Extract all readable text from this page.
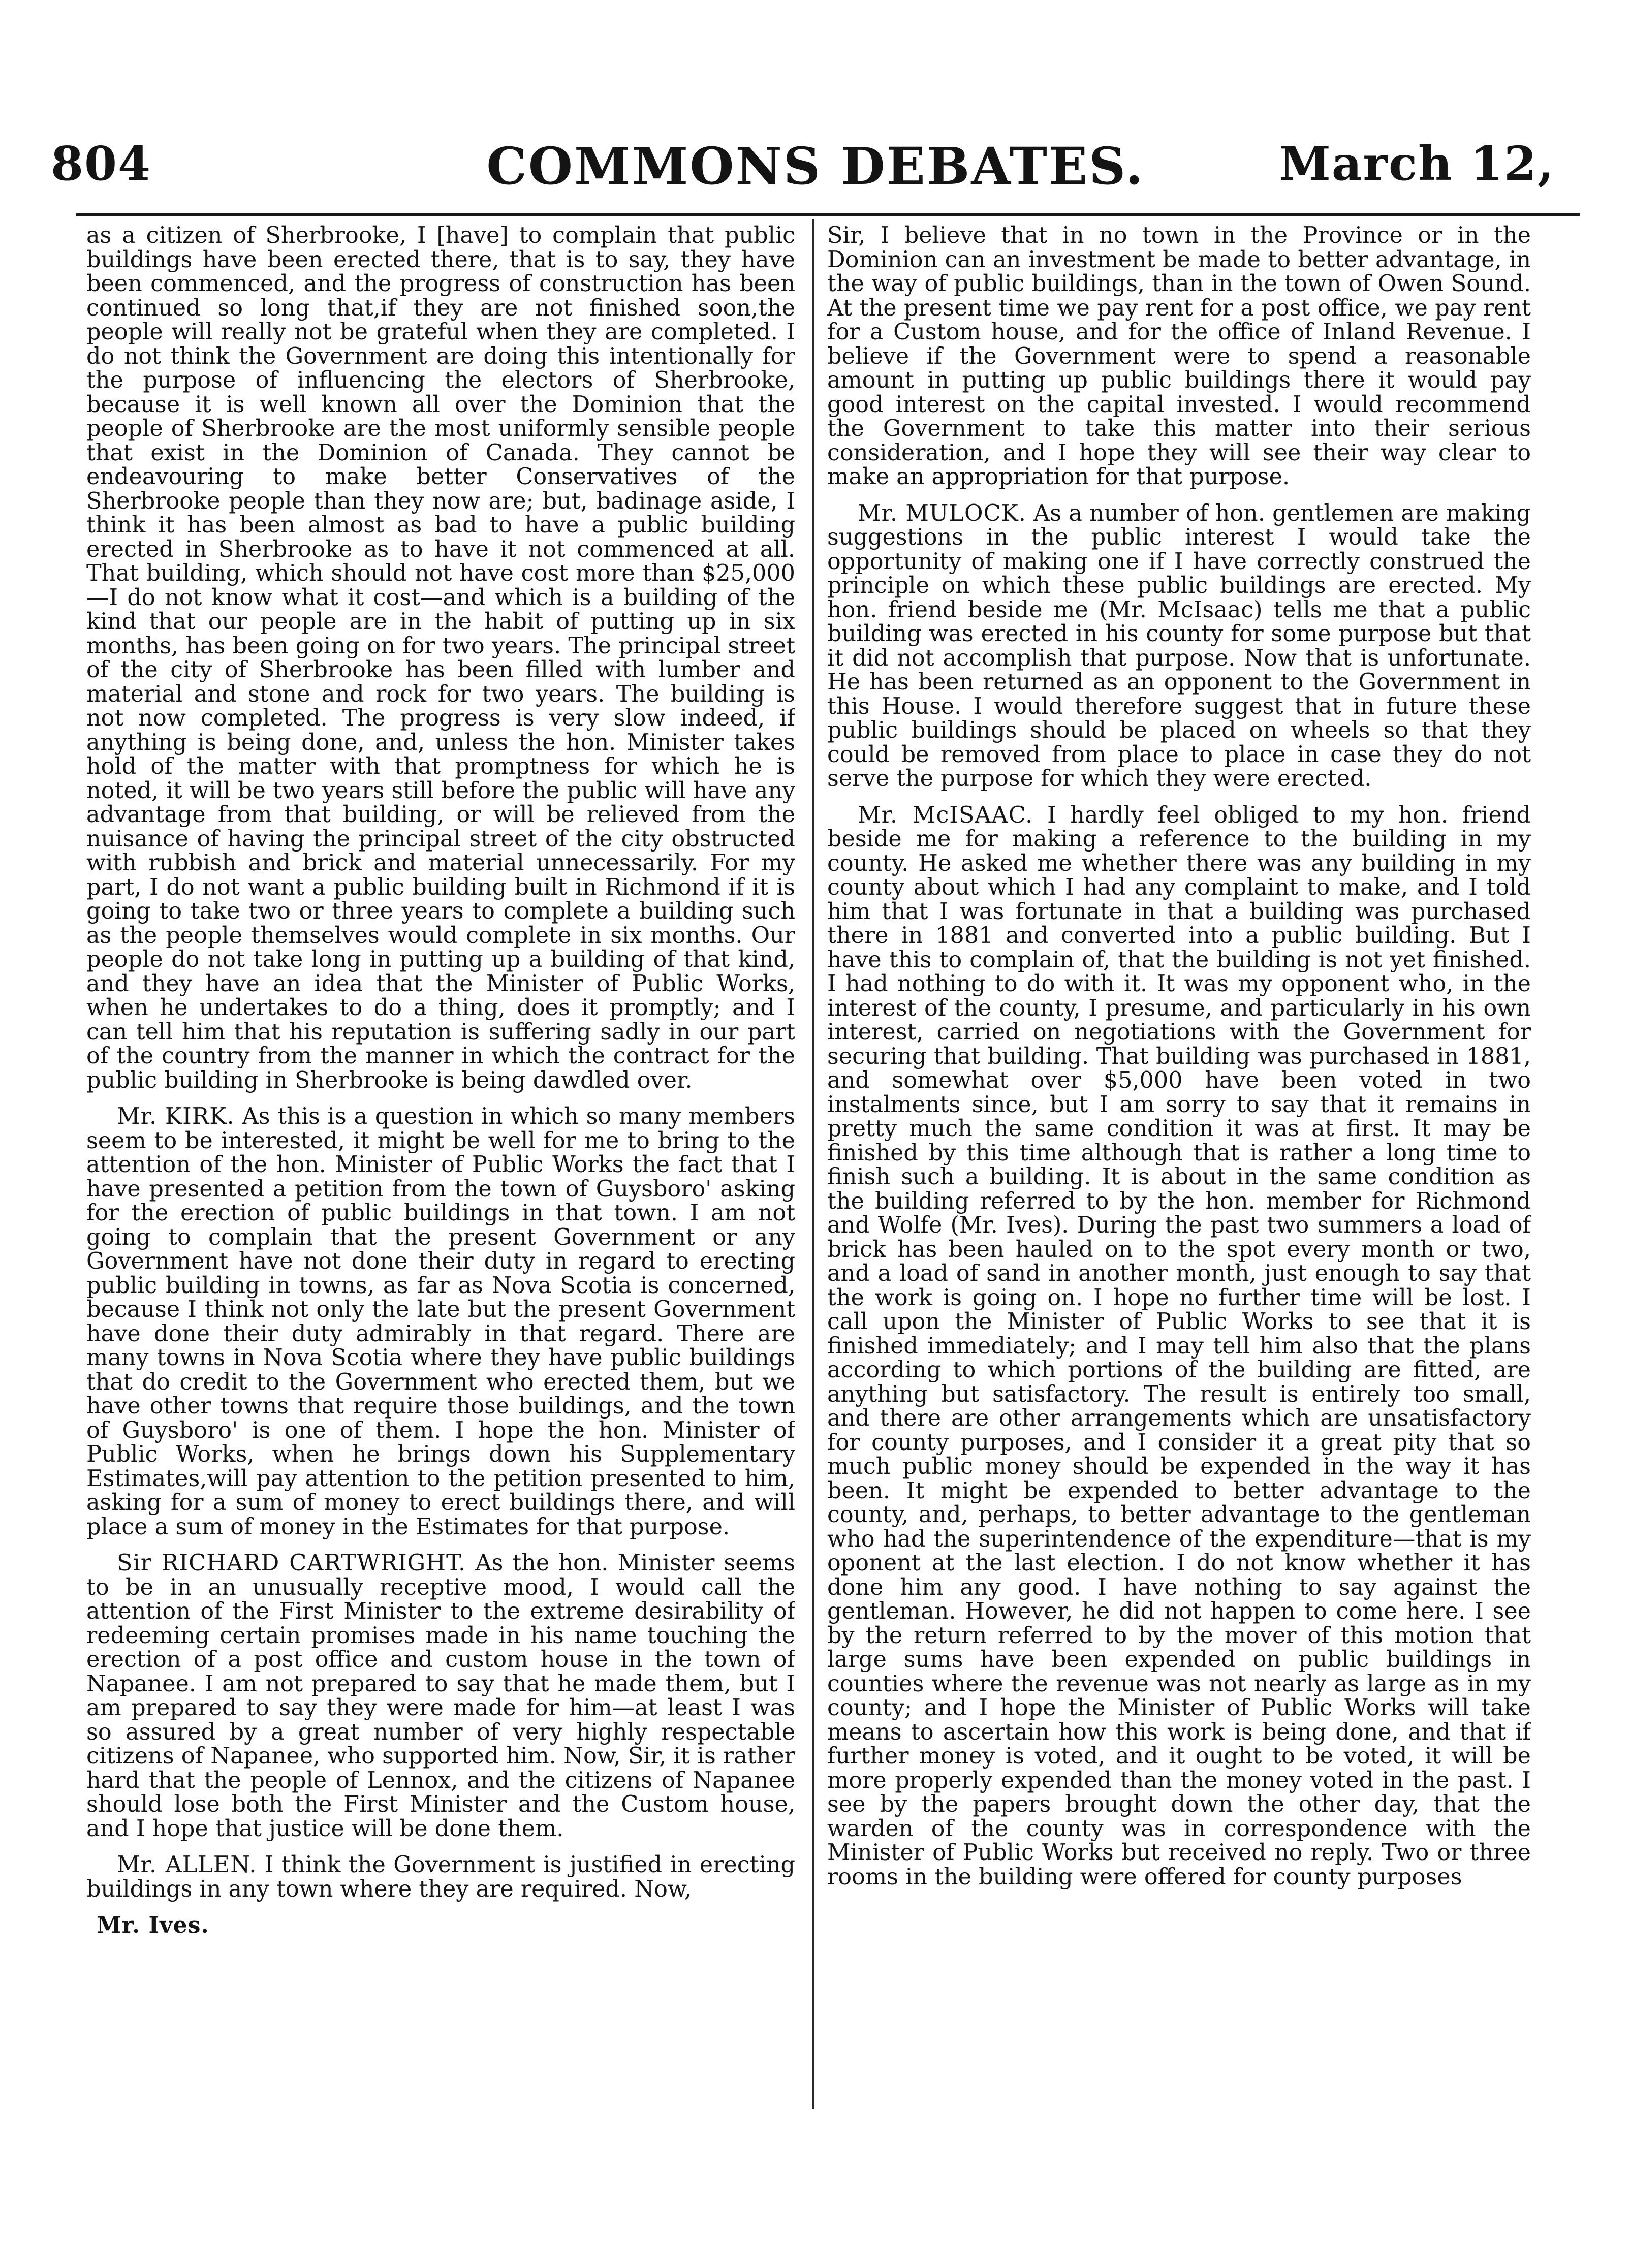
804	COMMONS DEBATES.	March 12,

as a citizen of Sherbrooke, I [have] to complain that public buildings have been erected there, that is to say, they have been commenced, and the progress of construction has been continued so long that,if they are not finished soon,the people will really not be grateful when they are completed. I do not think the Government are doing this intentionally for the purpose of influencing the electors of Sherbrooke, because it is well known all over the Dominion that the people of Sherbrooke are the most uniformly sensible people that exist in the Dominion of Canada. They cannot be endeavouring to make better Conservatives of the Sherbrooke people than they now are; but, badinage aside, I think it has been almost as bad to have a public building erected in Sherbrooke as to have it not commenced at all. That building, which should not have cost more than $25,000—I do not know what it cost—and which is a building of the kind that our people are in the habit of putting up in six months, has been going on for two years. The principal street of the city of Sherbrooke has been filled with lumber and material and stone and rock for two years. The building is not now completed. The progress is very slow indeed, if anything is being done, and, unless the hon. Minister takes hold of the matter with that promptness for which he is noted, it will be two years still before the public will have any advantage from that building, or will be relieved from the nuisance of having the principal street of the city obstructed with rubbish and brick and material unnecessarily. For my part, I do not want a public building built in Richmond if it is going to take two or three years to complete a building such as the people themselves would complete in six months. Our people do not take long in putting up a building of that kind, and they have an idea that the Minister of Public Works, when he undertakes to do a thing, does it promptly; and I can tell him that his reputation is suffering sadly in our part of the country from the manner in which the contract for the public building in Sherbrooke is being dawdled over.

Mr. KIRK. As this is a question in which so many members seem to be interested, it might be well for me to bring to the attention of the hon. Minister of Public Works the fact that I have presented a petition from the town of Guysboro' asking for the erection of public buildings in that town. I am not going to complain that the present Government or any Government have not done their duty in regard to erecting public building in towns, as far as Nova Scotia is concerned, because I think not only the late but the present Government have done their duty admirably in that regard. There are many towns in Nova Scotia where they have public buildings that do credit to the Government who erected them, but we have other towns that require those buildings, and the town of Guysboro' is one of them. I hope the hon. Minister of Public Works, when he brings down his Supplementary Estimates,will pay attention to the petition presented to him, asking for a sum of money to erect buildings there, and will place a sum of money in the Estimates for that purpose.

Sir RICHARD CARTWRIGHT. As the hon. Minister seems to be in an unusually receptive mood, I would call the attention of the First Minister to the extreme desirability of redeeming certain promises made in his name touching the erection of a post office and custom house in the town of Napanee. I am not prepared to say that he made them, but I am prepared to say they were made for him—at least I was so assured by a great number of very highly respectable citizens of Napanee, who supported him. Now, Sir, it is rather hard that the people of Lennox, and the citizens of Napanee should lose both the First Minister and the Custom house, and I hope that justice will be done them.

Mr. ALLEN. I think the Government is justified in erecting buildings in any town where they are required. Now,

Mr. Ives.

Sir, I believe that in no town in the Province or in the Dominion can an investment be made to better advantage, in the way of public buildings, than in the town of Owen Sound. At the present time we pay rent for a post office, we pay rent for a Custom house, and for the office of Inland Revenue. I believe if the Government were to spend a reasonable amount in putting up public buildings there it would pay good interest on the capital invested. I would recommend the Government to take this matter into their serious consideration, and I hope they will see their way clear to make an appropriation for that purpose.

Mr. MULOCK. As a number of hon. gentlemen are making suggestions in the public interest I would take the opportunity of making one if I have correctly construed the principle on which these public buildings are erected. My hon. friend beside me (Mr. McIsaac) tells me that a public building was erected in his county for some purpose but that it did not accomplish that purpose. Now that is unfortunate. He has been returned as an opponent to the Government in this House. I would therefore suggest that in future these public buildings should be placed on wheels so that they could be removed from place to place in case they do not serve the purpose for which they were erected.

Mr. McISAAC. I hardly feel obliged to my hon. friend beside me for making a reference to the building in my county. He asked me whether there was any building in my county about which I had any complaint to make, and I told him that I was fortunate in that a building was purchased there in 1881 and converted into a public building. But I have this to complain of, that the building is not yet finished. I had nothing to do with it. It was my opponent who, in the interest of the county, I presume, and particularly in his own interest, carried on negotiations with the Government for securing that building. That building was purchased in 1881, and somewhat over $5,000 have been voted in two instalments since, but I am sorry to say that it remains in pretty much the same condition it was at first. It may be finished by this time although that is rather a long time to finish such a building. It is about in the same condition as the building referred to by the hon. member for Richmond and Wolfe (Mr. Ives). During the past two summers a load of brick has been hauled on to the spot every month or two, and a load of sand in another month, just enough to say that the work is going on. I hope no further time will be lost. I call upon the Minister of Public Works to see that it is finished immediately; and I may tell him also that the plans according to which portions of the building are fitted, are anything but satisfactory. The result is entirely too small, and there are other arrangements which are unsatisfactory for county purposes, and I consider it a great pity that so much public money should be expended in the way it has been. It might be expended to better advantage to the county, and, perhaps, to better advantage to the gentleman who had the superintendence of the expenditure—that is my oponent at the last election. I do not know whether it has done him any good. I have nothing to say against the gentleman. However, he did not happen to come here. I see by the return referred to by the mover of this motion that large sums have been expended on public buildings in counties where the revenue was not nearly as large as in my county; and I hope the Minister of Public Works will take means to ascertain how this work is being done, and that if further money is voted, and it ought to be voted, it will be more properly expended than the money voted in the past. I see by the papers brought down the other day, that the warden of the county was in correspondence with the Minister of Public Works but received no reply. Two or three rooms in the building were offered for county purposes
